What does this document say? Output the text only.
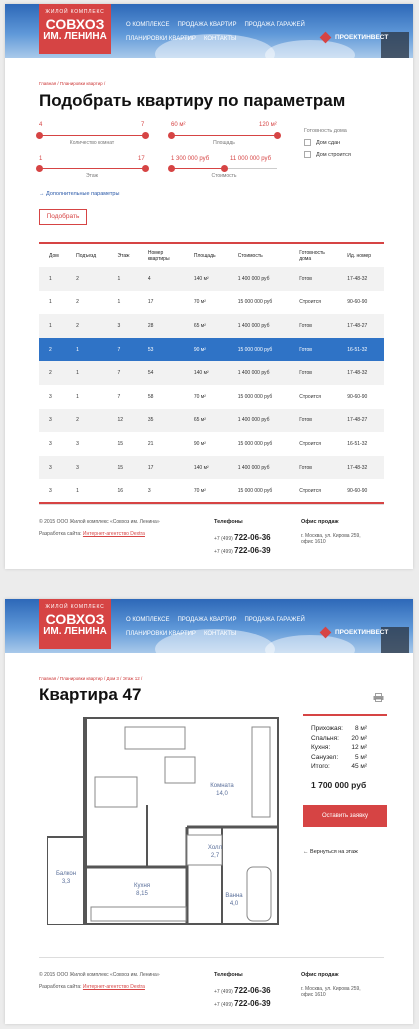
ЖИЛОЙ КОМПЛЕКС
СОВХОЗ
ИМ. ЛЕНИНА
О КОМПЛЕКСЕ ПРОДАЖА КВАРТИР ПРОДАЖА ГАРАЖЕЙ
ПЛАНИРОВКИ КВАРТИР КОНТАКТЫ	ПРОЕКТИНВЕСТ
Главная / Планировки квартир /
Подобрать квартиру по параметрам
4	7
Количество комнат
60 м²	120 м²
Площадь
1	17
Этаж
1 300 000 руб	11 000 000 руб
Стоимость
Готовность дома
Дом сдан
Дом строится
→ Дополнительные параметры
Подобрать
Дом	Подъезд	Этаж	Номер квартиры	Площадь	Стоимость	Готовность дома	Ид. номер
1	2	1	4	140 м²	1 400 000 руб	Готов	17-48-32
1	2	1	17	70 м²	15 000 000 руб	Строится	90-60-90
1	2	3	28	65 м²	1 400 000 руб	Готов	17-48-27
2	1	7	53	90 м²	15 000 000 руб	Готов	16-51-32
2	1	7	54	140 м²	1 400 000 руб	Готов	17-48-32
3	1	7	58	70 м²	15 000 000 руб	Строится	90-60-90
3	2	12	35	65 м²	1 400 000 руб	Готов	17-48-27
3	3	15	21	90 м²	15 000 000 руб	Строится	16-51-32
3	3	15	17	140 м²	1 400 000 руб	Готов	17-48-32
3	1	16	3	70 м²	15 000 000 руб	Строится	90-60-90
© 2015 ООО Жилой комплекс «Совхоз им. Ленина»

Разработка сайта: Интернет-агентство Dextra
Телефоны
+7 (499) 722-06-36
+7 (499) 722-06-39
Офис продаж
г. Москва, ул. Кирова 259,
офис 1610
ЖИЛОЙ КОМПЛЕКС
СОВХОЗ
ИМ. ЛЕНИНА
О КОМПЛЕКСЕ ПРОДАЖА КВАРТИР ПРОДАЖА ГАРАЖЕЙ
ПЛАНИРОВКИ КВАРТИР КОНТАКТЫ	ПРОЕКТИНВЕСТ
Главная / Планировки квартир / Дом 3 / Этаж 12 /
Квартира 47
Комната
14,0
Холл
2,7
Балкон
3,3
Кухня
8,15	Ванна
4,0
Прихожая: 8 м²
Спальня: 20 м²
Кухня:	12 м²
Санузел:	5 м²
Итого:	45 м²
1 700 000 руб
Оставить заявку
← Вернуться на этаж
© 2015 ООО Жилой комплекс «Совхоз им. Ленина»

Разработка сайта: Интернет-агентство Dextra
Телефоны
+7 (499) 722-06-36
+7 (499) 722-06-39
Офис продаж
г. Москва, ул. Кирова 259,
офис 1610
